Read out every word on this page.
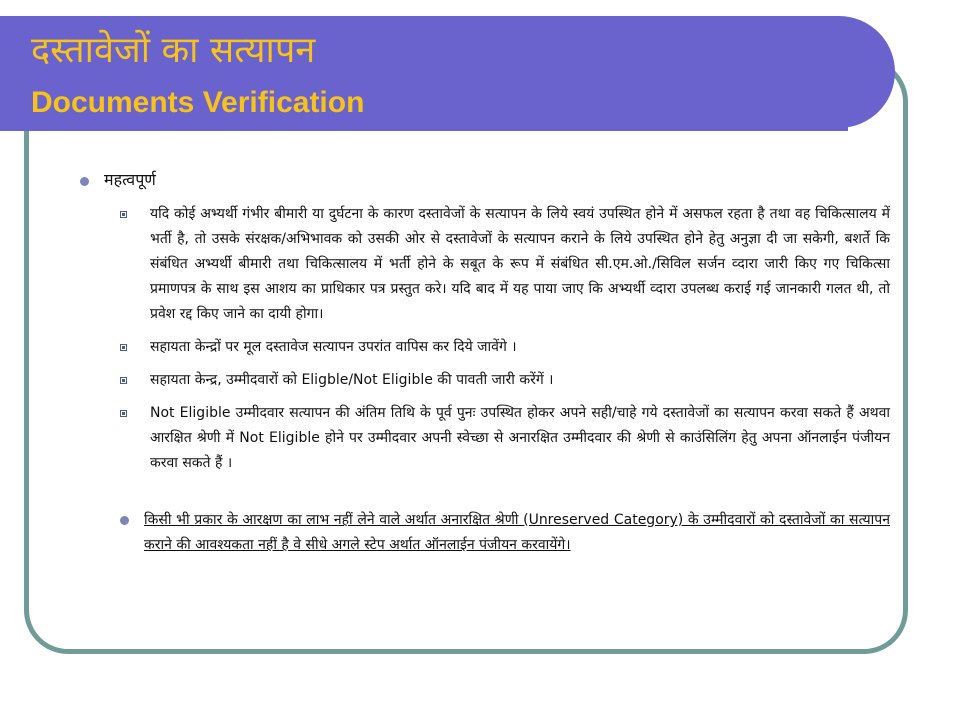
दस्तावेजों का सत्यापन
Documents Verification
महत्वपूर्ण
यदि कोई अभ्यर्थी गंभीर बीमारी या दुर्घटना के कारण दस्तावेजों के सत्यापन के लिये स्वयं उपस्थित होने में असफल रहता है तथा वह चिकित्सालय में भर्ती है, तो उसके संरक्षक/अभिभावक को उसकी ओर से दस्तावेजों के सत्यापन कराने के लिये उपस्थित होने हेतु अनुज्ञा दी जा सकेगी, बशर्ते कि संबंधित अभ्यर्थी बीमारी तथा चिकित्सालय में भर्ती होने के सबूत के रूप में संबंधित सी.एम.ओ./सिविल सर्जन व्दारा जारी किए गए चिकित्सा प्रमाणपत्र के साथ इस आशय का प्राधिकार पत्र प्रस्तुत करे। यदि बाद में यह पाया जाए कि अभ्यर्थी व्दारा उपलब्ध कराई गई जानकारी गलत थी, तो प्रवेश रद्द किए जाने का दायी होगा।
सहायता केन्द्रों पर मूल दस्तावेज सत्यापन उपरांत वापिस कर दिये जावेंगे ।
सहायता केन्द्र, उम्मीदवारों को Eligble/Not Eligible की पावती जारी करेंगें ।
Not Eligible उम्मीदवार सत्यापन की अंतिम तिथि के पूर्व पुनः उपस्थित होकर अपने सही/चाहे गये दस्तावेजों का सत्यापन करवा सकते हैं अथवा आरक्षित श्रेणी में Not Eligible होने पर उम्मीदवार अपनी स्वेच्छा से अनारक्षित उम्मीदवार की श्रेणी से काउंसिलिंग हेतु अपना ऑनलाईन पंजीयन करवा सकते हैं ।
किसी भी प्रकार के आरक्षण का लाभ नहीं लेने वाले अर्थात अनारक्षित श्रेणी (Unreserved Category) के उम्मीदवारों को दस्तावेजों का सत्यापन कराने की आवश्यकता नहीं है वे सीधे अगले स्टेप अर्थात ऑनलाईन पंजीयन करवायेंगे।
